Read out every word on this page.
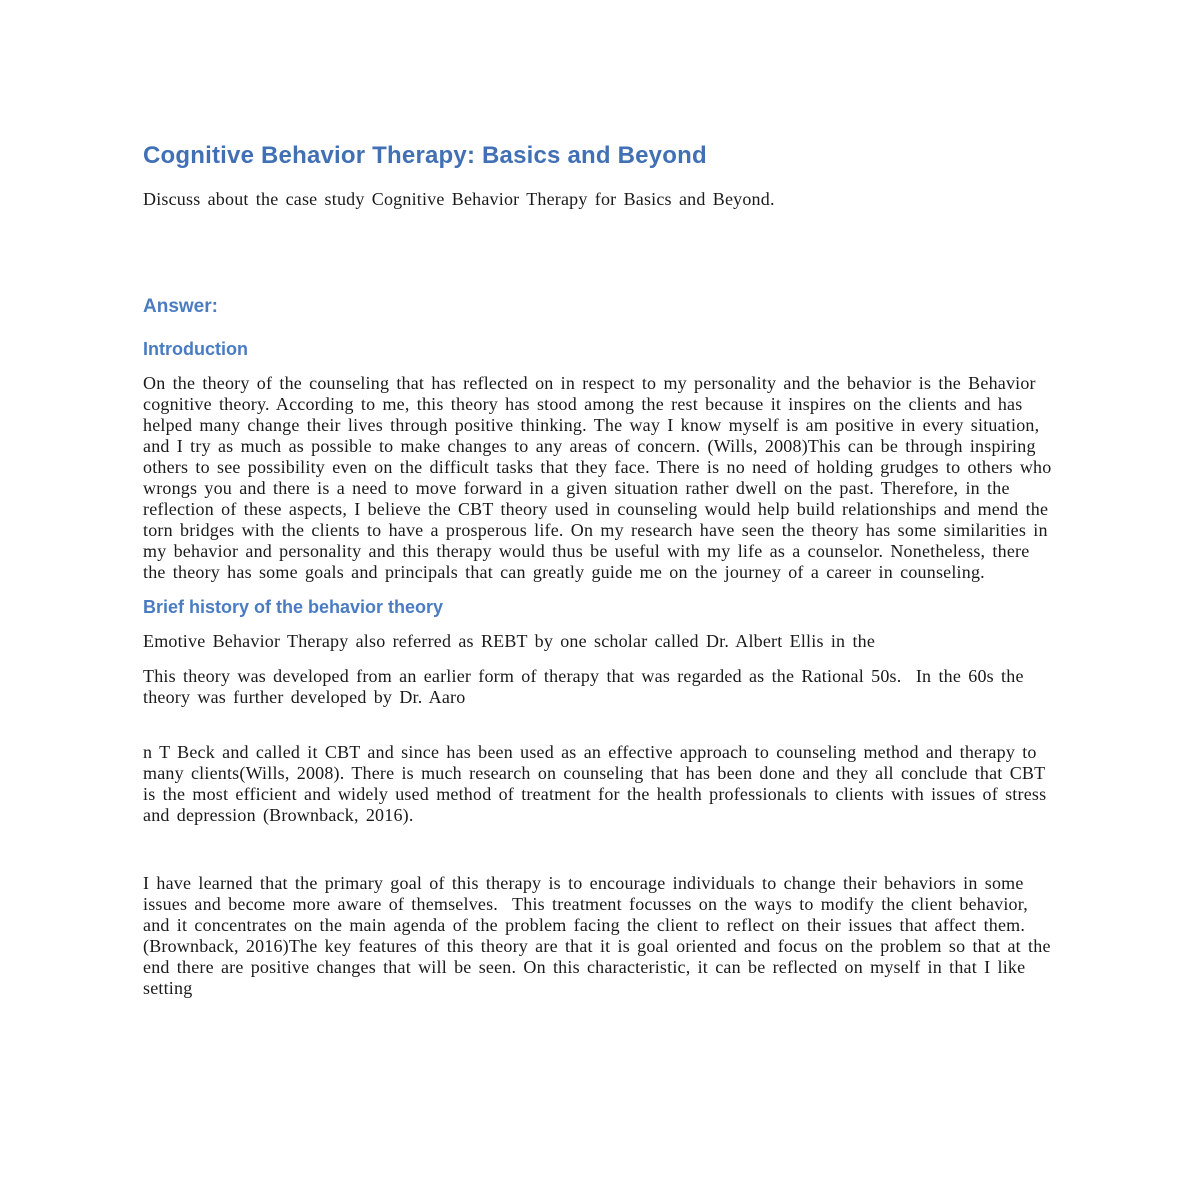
Cognitive Behavior Therapy: Basics and Beyond

Discuss about the case study Cognitive Behavior Therapy for Basics and Beyond.

Answer:
Introduction

On the theory of the counseling that has reflected on in respect to my personality and the behavior is the Behavior cognitive theory. According to me, this theory has stood among the rest because it inspires on the clients and has helped many change their lives through positive thinking. The way I know myself is am positive in every situation, and I try as much as possible to make changes to any areas of concern. (Wills, 2008)This can be through inspiring others to see possibility even on the difficult tasks that they face. There is no need of holding grudges to others who wrongs you and there is a need to move forward in a given situation rather dwell on the past. Therefore, in the reflection of these aspects, I believe the CBT theory used in counseling would help build relationships and mend the torn bridges with the clients to have a prosperous life. On my research have seen the theory has some similarities in my behavior and personality and this therapy would thus be useful with my life as a counselor. Nonetheless, there the theory has some goals and principals that can greatly guide me on the journey of a career in counseling.

Brief history of the behavior theory

Emotive Behavior Therapy also referred as REBT by one scholar called Dr. Albert Ellis in the

This theory was developed from an earlier form of therapy that was regarded as the Rational 50s.  In the 60s the theory was further developed by Dr. Aaro

n T Beck and called it CBT and since has been used as an effective approach to counseling method and therapy to many clients(Wills, 2008). There is much research on counseling that has been done and they all conclude that CBT is the most efficient and widely used method of treatment for the health professionals to clients with issues of stress and depression (Brownback, 2016).

I have learned that the primary goal of this therapy is to encourage individuals to change their behaviors in some issues and become more aware of themselves.  This treatment focusses on the ways to modify the client behavior, and it concentrates on the main agenda of the problem facing the client to reflect on their issues that affect them. (Brownback, 2016)The key features of this theory are that it is goal oriented and focus on the problem so that at the end there are positive changes that will be seen. On this characteristic, it can be reflected on myself in that I like setting
